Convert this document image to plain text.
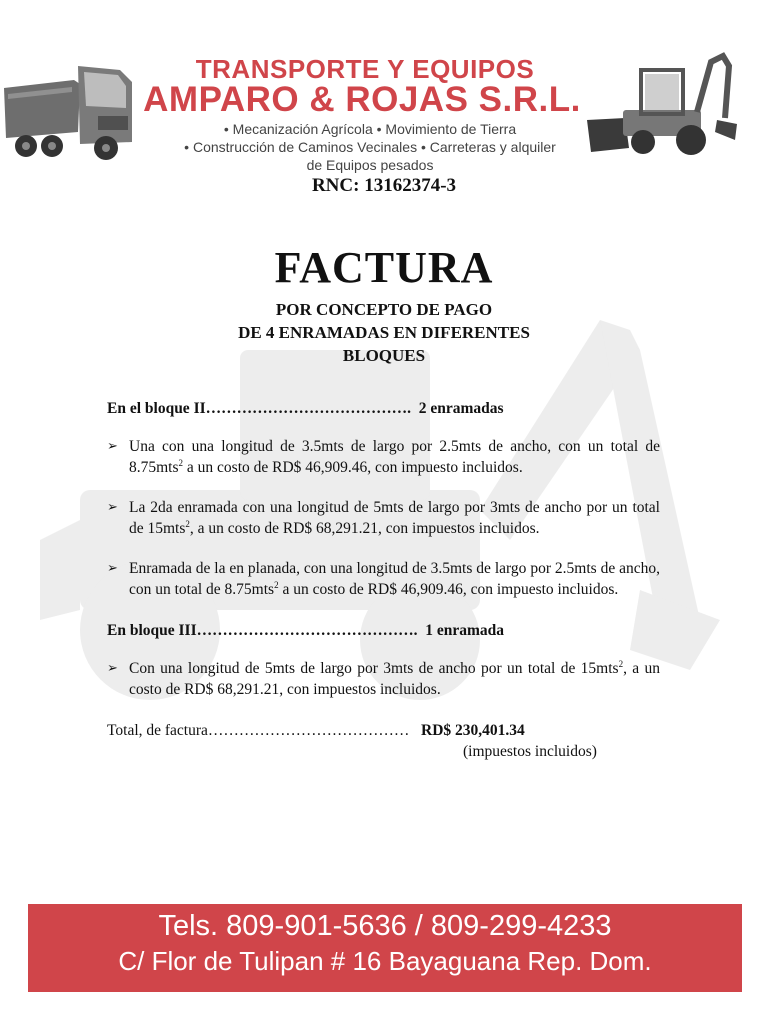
TRANSPORTE Y EQUIPOS
AMPARO & ROJAS S.R.L.
• Mecanización Agrícola • Movimiento de Tierra
• Construcción de Caminos Vecinales • Carreteras y alquiler
de Equipos pesados
RNC: 13162374-3
FACTURA
POR CONCEPTO DE PAGO
DE 4 ENRAMADAS EN DIFERENTES
BLOQUES
En el bloque II ………………………………….
2 enramadas
➢ Una con una longitud de 3.5mts de largo por 2.5mts de ancho, con un total de 8.75mts$^2$ a un costo de RD$ 46,909.46, con impuesto incluidos.
➢ La 2da enramada con una longitud de 5mts de largo por 3mts de ancho por un total de 15mts$^2$, a un costo de RD$ 68,291.21, con impuestos incluidos.
➢ Enramada de la en planada, con una longitud de 3.5mts de largo por 2.5mts de ancho, con un total de 8.75mts$^2$ a un costo de RD$ 46,909.46, con impuesto incluidos.
En bloque III …………………………………….
1 enramada
➢ Con una longitud de 5mts de largo por 3mts de ancho por un total de 15mts$^2$, a un costo de RD$ 68,291.21, con impuestos incluidos.
Total, de factura …………………………………
RD$ 230,401.34
(impuestos incluidos)
Tels. 809-901-5636 / 809-299-4233
C/ Flor de Tulipan # 16 Bayaguana Rep. Dom.
